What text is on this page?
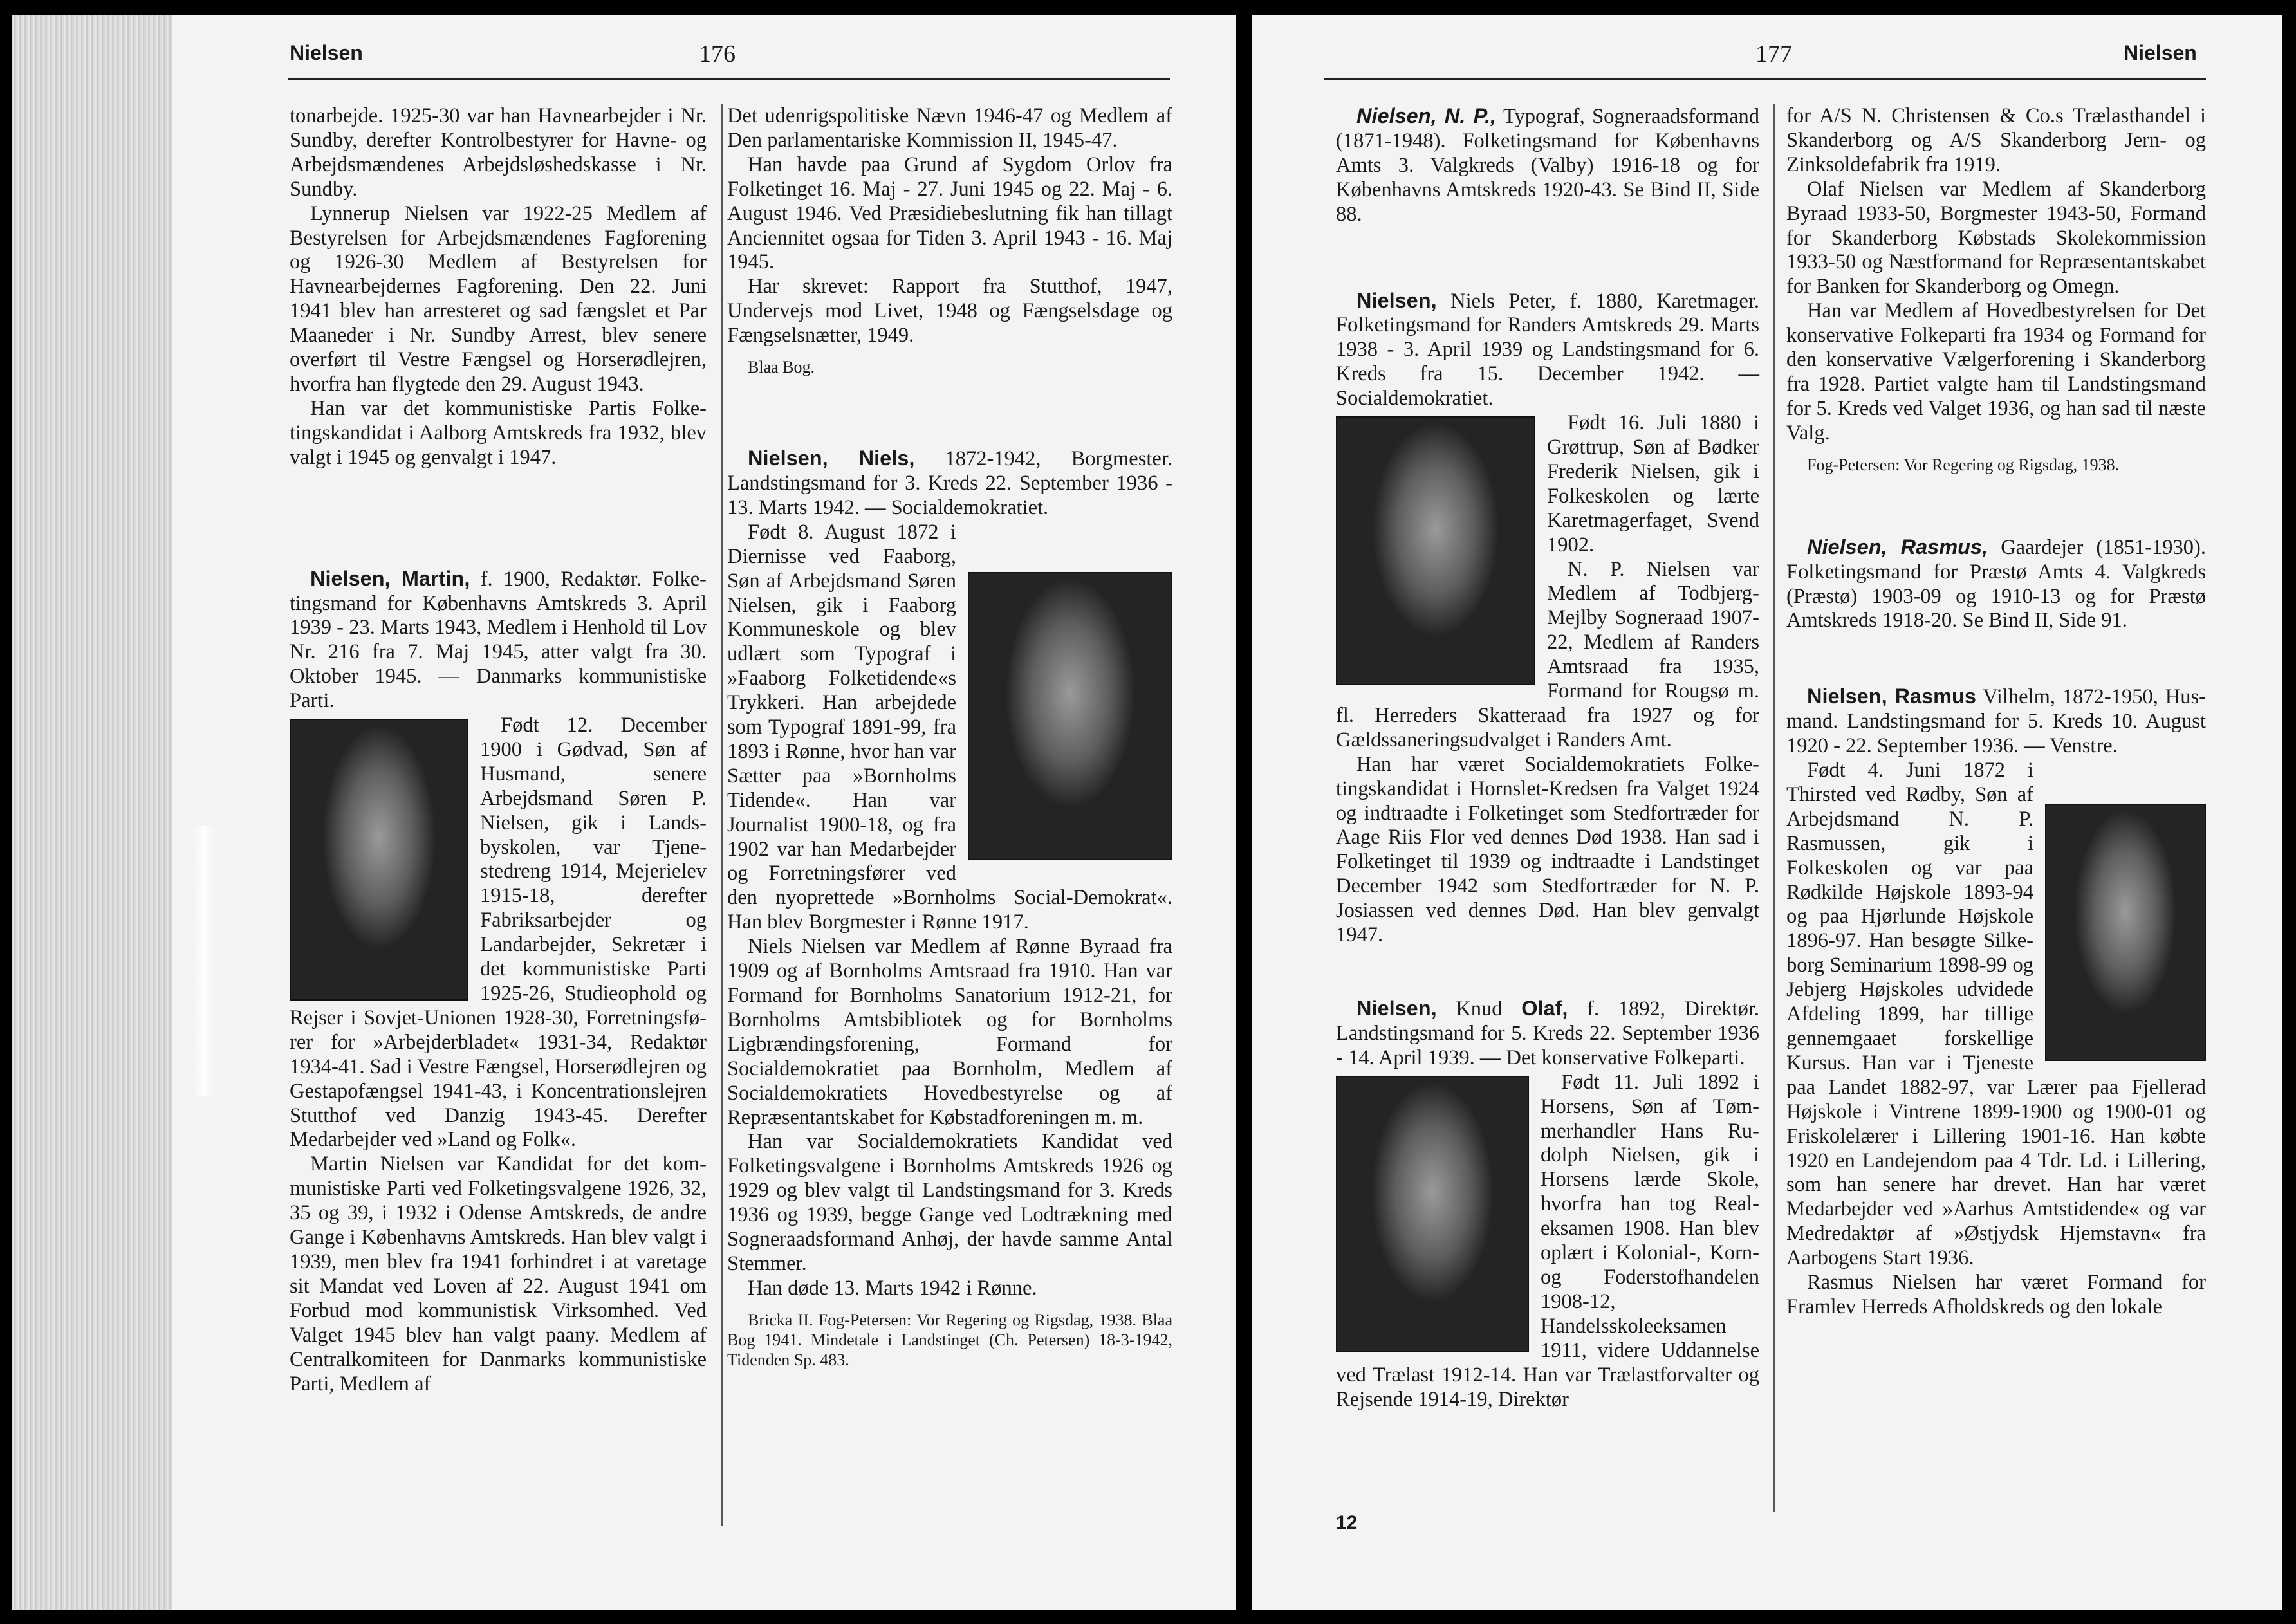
Nielsen	176

tonarbejde. 1925-30 var han Havnearbejder i Nr. Sundby, derefter Kontrolbestyrer for Havne- og Arbejdsmændenes Arbejdsløshedskasse i Nr. Sundby.

Lynnerup Nielsen var 1922-25 Medlem af Bestyrelsen for Arbejdsmændenes Fagforening og 1926-30 Medlem af Bestyrelsen for Havnearbejdernes Fagforening. Den 22. Juni 1941 blev han arresteret og sad fængslet et Par Maaneder i Nr. Sundby Arrest, blev senere overført til Vestre Fængsel og Horserødlejren, hvorfra han flygtede den 29. August 1943.

Han var det kommunistiske Partis Folketingskandidat i Aalborg Amtskreds fra 1932, blev valgt i 1945 og genvalgt i 1947.

Nielsen, Martin, f. 1900, Redaktør. Folketingsmand for Københavns Amtskreds 3. April 1939 - 23. Marts 1943, Medlem i Henhold til Lov Nr. 216 fra 7. Maj 1945, atter valgt fra 30. Oktober 1945. — Danmarks kommunistiske Parti.

Født 12. December 1900 i Gødvad, Søn af Husmand, senere Arbejdsmand Søren P. Nielsen, gik i Landsbyskolen, var Tjenestedreng 1914, Mejerielev 1915-18, derefter Fabriksarbejder og Landarbejder, Sekretær i det kommunistiske Parti 1925-26, Studieophold og Rejser i Sovjet-Unionen 1928-30, Forretningsfører for »Arbejderbladet« 1931-34, Redaktør 1934-41. Sad i Vestre Fængsel, Horserødlejren og Gestapofængsel 1941-43, i Koncentrationslejren Stutthof ved Danzig 1943-45. Derefter Medarbejder ved »Land og Folk«.

Martin Nielsen var Kandidat for det kommunistiske Parti ved Folketingsvalgene 1926, 32, 35 og 39, i 1932 i Odense Amtskreds, de andre Gange i Københavns Amtskreds. Han blev valgt i 1939, men blev fra 1941 forhindret i at varetage sit Mandat ved Loven af 22. August 1941 om Forbud mod kommunistisk Virksomhed. Ved Valget 1945 blev han valgt paany. Medlem af Centralkomiteen for Danmarks kommunistiske Parti, Medlem af

Det udenrigspolitiske Nævn 1946-47 og Medlem af Den parlamentariske Kommission II, 1945-47.

Han havde paa Grund af Sygdom Orlov fra Folketinget 16. Maj - 27. Juni 1945 og 22. Maj - 6. August 1946. Ved Præsidiebeslutning fik han tillagt Anciennitet ogsaa for Tiden 3. April 1943 - 16. Maj 1945.

Har skrevet: Rapport fra Stutthof, 1947, Undervejs mod Livet, 1948 og Fængselsdage og Fængselsnætter, 1949.

Blaa Bog.

Nielsen, Niels, 1872-1942, Borgmester. Landstingsmand for 3. Kreds 22. September 1936 - 13. Marts 1942. — Socialdemokratiet.

Født 8. August 1872 i Diernisse ved Faaborg, Søn af Arbejdsmand Søren Nielsen, gik i Faaborg Kommuneskole og blev udlært som Typograf i »Faaborg Folketidende«s Trykkeri. Han arbejdede som Typograf 1891-99, fra 1893 i Rønne, hvor han var Sætter paa »Bornholms Tidende«. Han var Journalist 1900-18, og fra 1902 var han Medarbejder og Forretningsfører ved den nyoprettede »Bornholms Social-Demokrat«. Han blev Borgmester i Rønne 1917.

Niels Nielsen var Medlem af Rønne Byraad fra 1909 og af Bornholms Amtsraad fra 1910. Han var Formand for Bornholms Sanatorium 1912-21, for Bornholms Amtsbibliotek og for Bornholms Ligbrændingsforening, Formand for Socialdemokratiet paa Bornholm, Medlem af Socialdemokratiets Hovedbestyrelse og af Repræsentantskabet for Købstadforeningen m. m.

Han var Socialdemokratiets Kandidat ved Folketingsvalgene i Bornholms Amtskreds 1926 og 1929 og blev valgt til Landstingsmand for 3. Kreds 1936 og 1939, begge Gange ved Lodtrækning med Sogneraadsformand Anhøj, der havde samme Antal Stemmer.

Han døde 13. Marts 1942 i Rønne.

Bricka II. Fog-Petersen: Vor Regering og Rigsdag, 1938. Blaa Bog 1941. Mindetale i Landstinget (Ch. Petersen) 18-3-1942, Tidenden Sp. 483.

177	Nielsen

Nielsen, N. P., Typograf, Sogneraadsformand (1871-1948). Folketingsmand for Københavns Amts 3. Valgkreds (Valby) 1916-18 og for Københavns Amtskreds 1920-43. Se Bind II, Side 88.

Nielsen, Niels Peter, f. 1880, Karetmager. Folketingsmand for Randers Amtskreds 29. Marts 1938 - 3. April 1939 og Landstingsmand for 6. Kreds fra 15. December 1942. — Socialdemokratiet.

Født 16. Juli 1880 i Grøttrup, Søn af Bødker Frederik Nielsen, gik i Folkeskolen og lærte Karetmagerfaget, Svend 1902.

N. P. Nielsen var Medlem af Todbjerg-Mejlby Sogneraad 1907-22, Medlem af Randers Amtsraad fra 1935, Formand for Rougsø m. fl. Herreders Skatteraad fra 1927 og for Gældssaneringsudvalget i Randers Amt.

Han har været Socialdemokratiets Folketingskandidat i Hornslet-Kredsen fra Valget 1924 og indtraadte i Folketinget som Stedfortræder for Aage Riis Flor ved dennes Død 1938. Han sad i Folketinget til 1939 og indtraadte i Landstinget December 1942 som Stedfortræder for N. P. Josiassen ved dennes Død. Han blev genvalgt 1947.

Nielsen, Knud Olaf, f. 1892, Direktør. Landstingsmand for 5. Kreds 22. September 1936 - 14. April 1939. — Det konservative Folkeparti.

Født 11. Juli 1892 i Horsens, Søn af Tømmerhandler Hans Rudolph Nielsen, gik i Horsens lærde Skole, hvorfra han tog Realeksamen 1908. Han blev oplært i Kolonial-, Korn- og Foderstofhandelen 1908-12, Handelsskoleeksamen 1911, videre Uddannelse ved Trælast 1912-14. Han var Trælastforvalter og Rejsende 1914-19, Direktør

for A/S N. Christensen & Co.s Trælasthandel i Skanderborg og A/S Skanderborg Jern- og Zinksoldefabrik fra 1919.

Olaf Nielsen var Medlem af Skanderborg Byraad 1933-50, Borgmester 1943-50, Formand for Skanderborg Købstads Skolekommission 1933-50 og Næstformand for Repræsentantskabet for Banken for Skanderborg og Omegn.

Han var Medlem af Hovedbestyrelsen for Det konservative Folkeparti fra 1934 og Formand for den konservative Vælgerforening i Skanderborg fra 1928. Partiet valgte ham til Landstingsmand for 5. Kreds ved Valget 1936, og han sad til næste Valg.

Fog-Petersen: Vor Regering og Rigsdag, 1938.

Nielsen, Rasmus, Gaardejer (1851-1930). Folketingsmand for Præstø Amts 4. Valgkreds (Præstø) 1903-09 og 1910-13 og for Præstø Amtskreds 1918-20. Se Bind II, Side 91.

Nielsen, Rasmus Vilhelm, 1872-1950, Husmand. Landstingsmand for 5. Kreds 10. August 1920 - 22. September 1936. — Venstre.

Født 4. Juni 1872 i Thirsted ved Rødby, Søn af Arbejdsmand N. P. Rasmussen, gik i Folkeskolen og var paa Rødkilde Højskole 1893-94 og paa Hjørlunde Højskole 1896-97. Han besøgte Silkeborg Seminarium 1898-99 og Jebjerg Højskoles udvidede Afdeling 1899, har tillige gennemgaaet forskellige Kursus. Han var i Tjeneste paa Landet 1882-97, var Lærer paa Fjellerad Højskole i Vintrene 1899-1900 og 1900-01 og Friskolelærer i Lillering 1901-16. Han købte 1920 en Landejendom paa 4 Tdr. Ld. i Lillering, som han senere har drevet. Han har været Medarbejder ved »Aarhus Amtstidende« og var Medredaktør af »Østjydsk Hjemstavn« fra Aarbogens Start 1936.

Rasmus Nielsen har været Formand for Framlev Herreds Afholdskreds og den lokale

12
